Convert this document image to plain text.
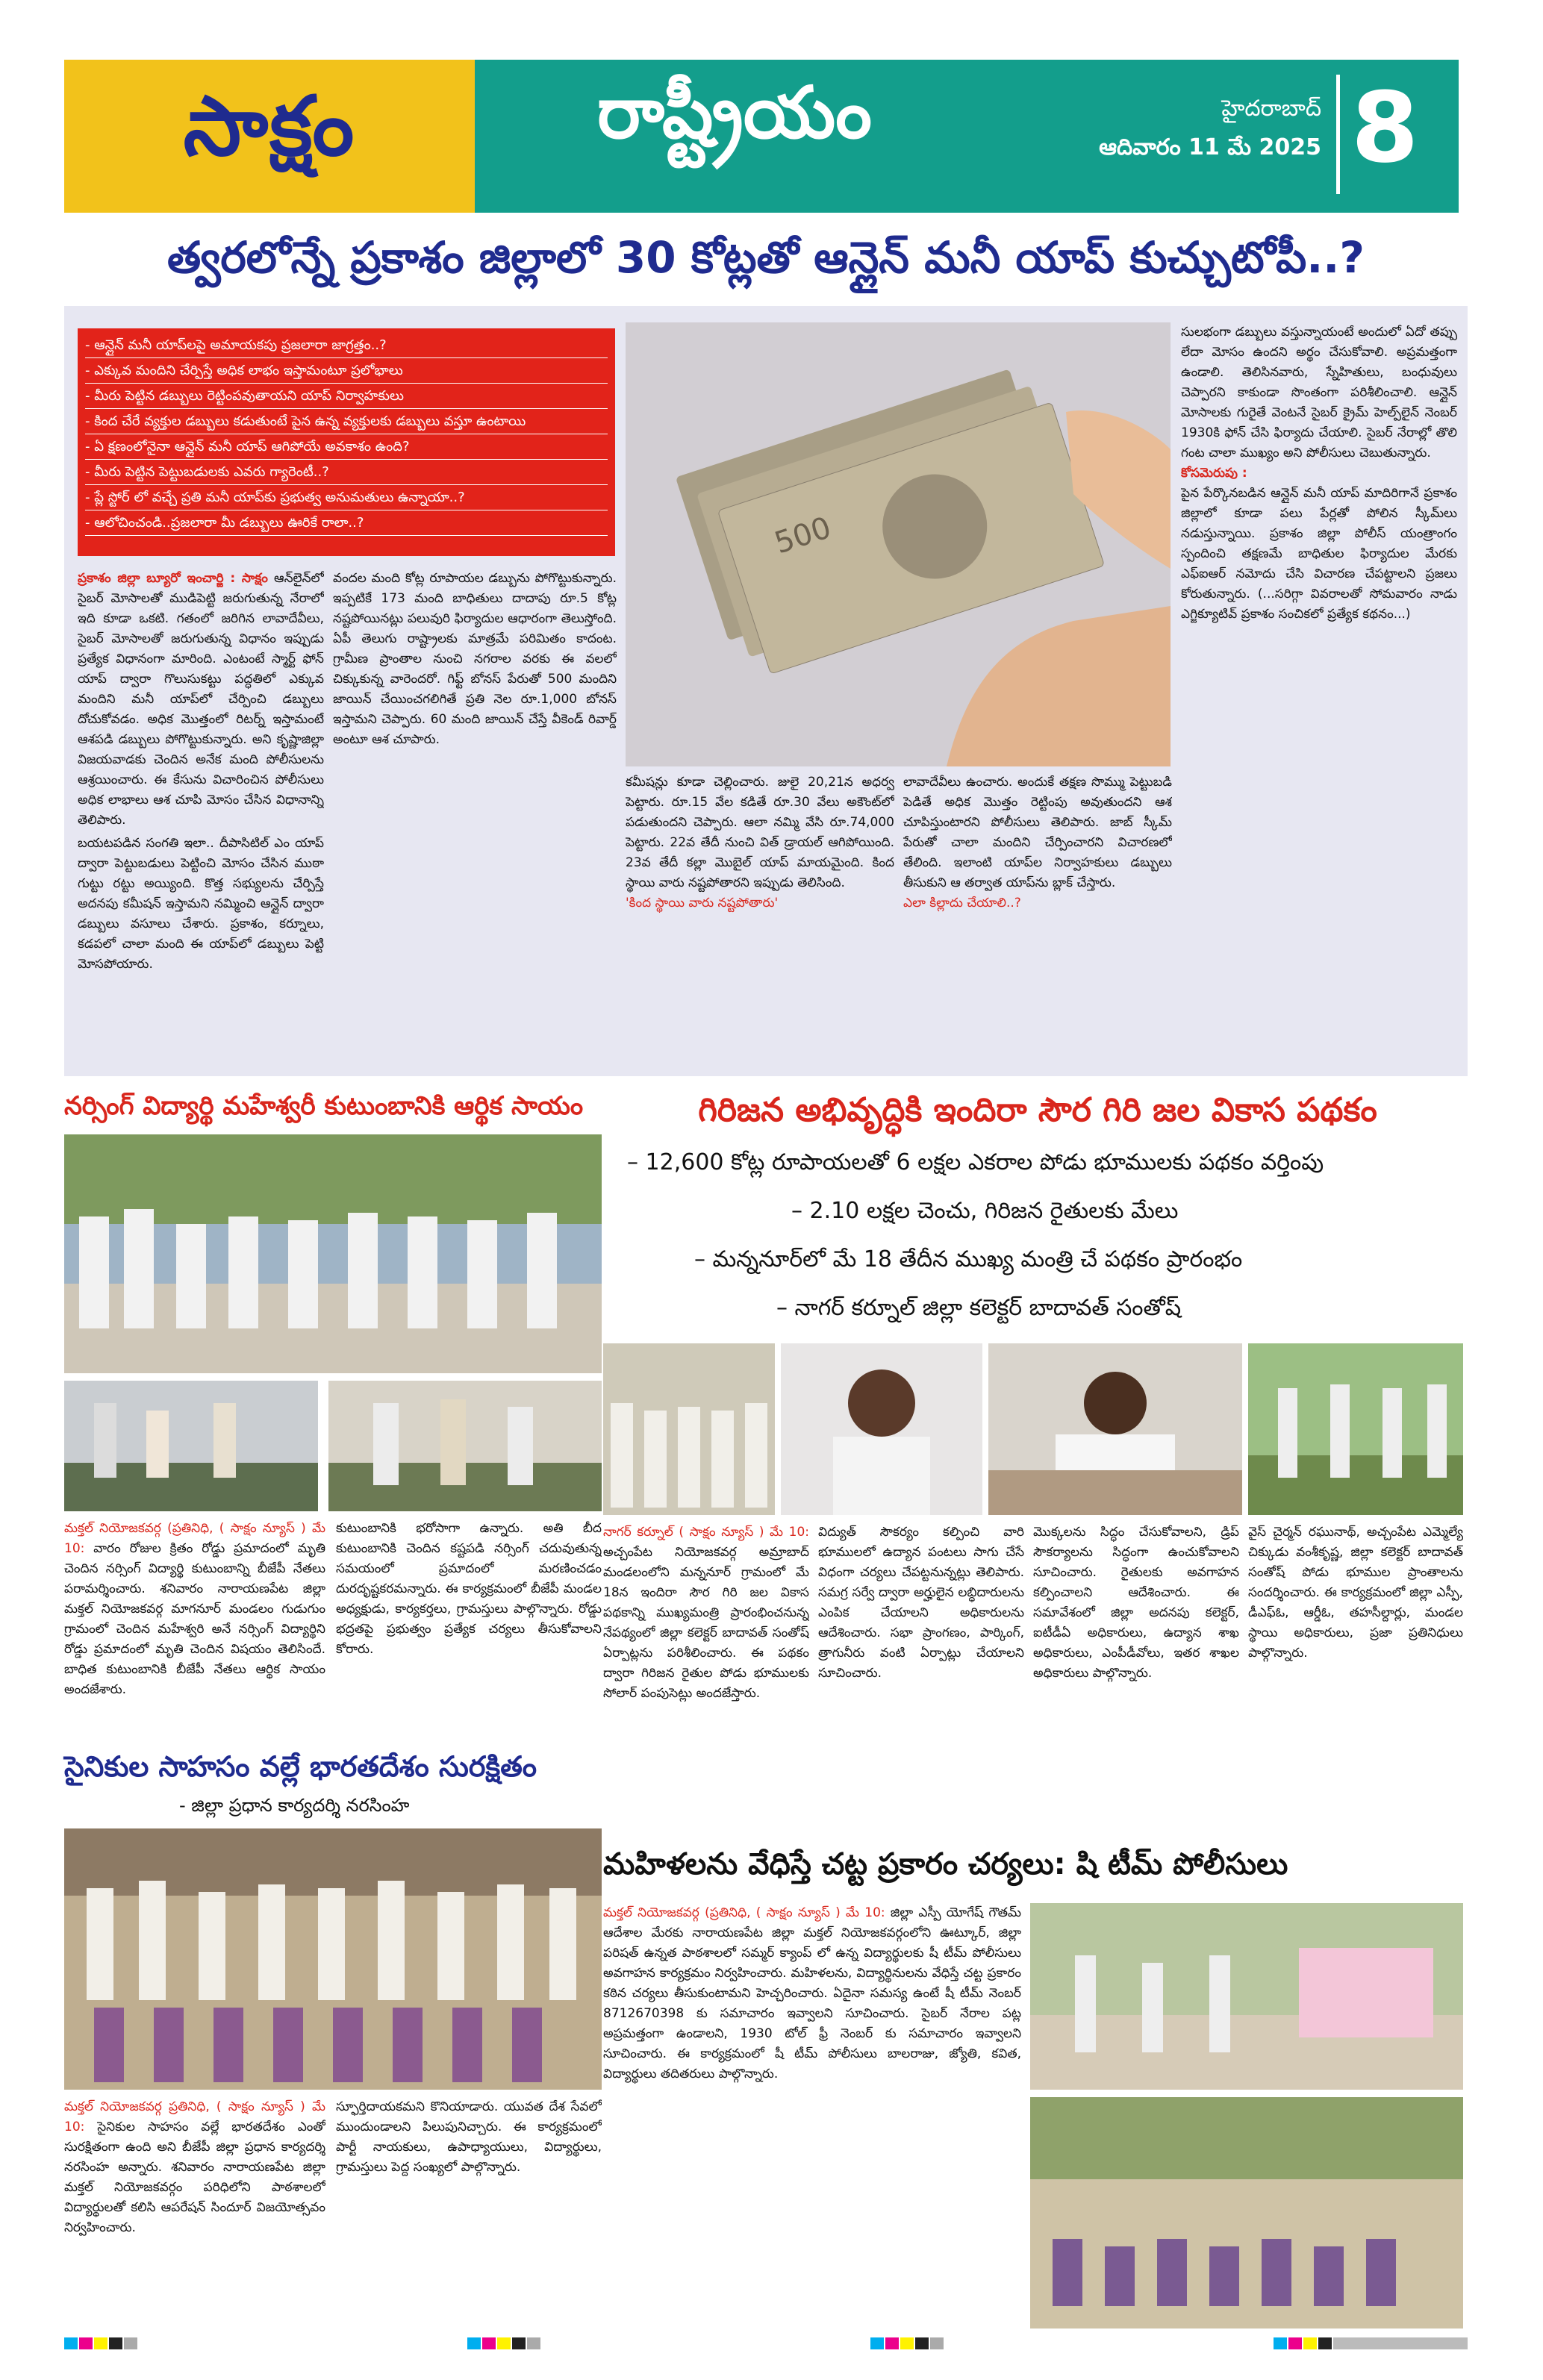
సాక్షం	రాష్ట్రీయం	హైదరాబాద్
ఆదివారం 11 మే 2025 8
త్వరలోన్నే ప్రకాశం జిల్లాలో 30 కోట్లతో ఆన్లైన్ మనీ యాప్ కుచ్చుటోపీ..?
- ఆన్లైన్ మనీ యాప్‌లపై అమాయకపు ప్రజలారా జాగ్రత్తం..?
- ఎక్కువ మందిని చేర్పిస్తే అధిక లాభం ఇస్తామంటూ ప్రలోభాలు
- మీరు పెట్టిన డబ్బులు రెట్టింపవుతాయని యాప్ నిర్వాహకులు
- కింద చేరే వ్యక్తుల డబ్బులు కడుతుంటే పైన ఉన్న వ్యక్తులకు డబ్బులు వస్తూ ఉంటాయి
- ఏ క్షణంలోనైనా ఆన్లైన్ మనీ యాప్ ఆగిపోయే అవకాశం ఉంది?
- మీరు పెట్టిన పెట్టుబడులకు ఎవరు గ్యారెంటీ..?
- ప్లే స్టోర్ లో వచ్చే ప్రతి మనీ యాప్‌కు ప్రభుత్వ అనుమతులు ఉన్నాయా..?
- ఆలోచించండి..ప్రజలారా మీ డబ్బులు ఊరికే రాలా..?	500
ప్రకాశం జిల్లా బ్యూరో ఇంచార్జి : సాక్షం ఆన్‌లైన్‌లో సైబర్ మోసాలతో ముడిపెట్టి జరుగుతున్న నేరాలో ఇది కూడా ఒకటి. గతంలో జరిగిన లావాదేవీలు, సైబర్ మోసాలతో జరుగుతున్న విధానం ఇప్పుడు ప్రత్యేక విధానంగా మారింది. ఎంటంటే స్మార్ట్ ఫోన్ యాప్ ద్వారా గొలుసుకట్టు పద్ధతిలో ఎక్కువ మందిని మనీ యాప్‌లో చేర్పించి డబ్బులు దోచుకోవడం. అధిక మొత్తంలో రిటర్న్ ఇస్తామంటే ఆశపడి డబ్బులు పోగొట్టుకున్నారు. అని కృష్ణాజిల్లా విజయవాడకు చెందిన అనేక మంది పోలీసులను ఆశ్రయించారు. ఈ కేసును విచారించిన పోలీసులు అధిక లాభాలు ఆశ చూపి మోసం చేసిన విధానాన్ని తెలిపారు.

బయటపడిన సంగతి ఇలా.. దీపాసిటిల్ ఎం యాప్ ద్వారా పెట్టుబడులు పెట్టించి మోసం చేసిన ముఠా గుట్టు రట్టు అయ్యింది. కొత్త సభ్యులను చేర్పిస్తే అదనపు కమీషన్ ఇస్తామని నమ్మించి ఆన్లైన్ ద్వారా డబ్బులు వసూలు చేశారు. ప్రకాశం, కర్నూలు, కడపలో చాలా మంది ఈ యాప్‌లో డబ్బులు పెట్టి మోసపోయారు.

వందల మంది కోట్ల రూపాయల డబ్బును పోగొట్టుకున్నారు. ఇప్పటికే 173 మంది బాధితులు దాదాపు రూ.5 కోట్ల నష్టపోయినట్లు పలువురి ఫిర్యాదుల ఆధారంగా తెలుస్తోంది. ఏపీ తెలుగు రాష్ట్రాలకు మాత్రమే పరిమితం కాదంట. గ్రామీణ ప్రాంతాల నుంచి నగరాల వరకు ఈ వలలో చిక్కుకున్న వారెందరో. గిఫ్ట్ బోనస్ పేరుతో 500 మందిని జాయిన్ చేయించగలిగితే ప్రతి నెల రూ.1,000 బోనస్ ఇస్తామని చెప్పారు. 60 మంది జాయిన్ చేస్తే వీకెండ్ రివార్డ్ అంటూ ఆశ చూపారు.
కమీషన్లు కూడా చెల్లించారు. జులై 20,21న అధర్వ పెట్టారు. రూ.15 వేల కడితే రూ.30 వేలు అకౌంట్‌లో పడుతుందని చెప్పారు. ఆలా నమ్మి వేసి రూ.74,000 పెట్టారు. 22వ తేదీ నుంచి విత్ డ్రాయల్ ఆగిపోయింది. 23వ తేదీ కల్లా మొబైల్ యాప్ మాయమైంది. కింద స్థాయి వారు నష్టపోతారని ఇప్పుడు తెలిసింది.
'కింద స్థాయి వారు నష్టపోతారు'
లావాదేవీలు ఉంచారు. అందుకే తక్షణ సొమ్ము పెట్టుబడి పెడితే అధిక మొత్తం రెట్టింపు అవుతుందని ఆశ చూపిస్తుంటారని పోలీసులు తెలిపారు. జాబ్ స్కీమ్ పేరుతో చాలా మందిని చేర్పించారని విచారణలో తేలింది. ఇలాంటి యాప్‌ల నిర్వాహకులు డబ్బులు తీసుకుని ఆ తర్వాత యాప్‌ను బ్లాక్ చేస్తారు.
ఎలా కిల్లాదు చేయాలి..?
సులభంగా డబ్బులు వస్తున్నాయంటే అందులో ఏదో తప్పు లేదా మోసం ఉందని అర్థం చేసుకోవాలి. అప్రమత్తంగా ఉండాలి. తెలిసినవారు, స్నేహితులు, బంధువులు చెప్పారని కాకుండా సొంతంగా పరిశీలించాలి. ఆన్లైన్ మోసాలకు గురైతే వెంటనే సైబర్ క్రైమ్ హెల్ప్‌లైన్ నెంబర్ 1930కి ఫోన్ చేసి ఫిర్యాదు చేయాలి. సైబర్ నేరాల్లో తొలి గంట చాలా ముఖ్యం అని పోలీసులు చెబుతున్నారు.
కోసమెరుపు :
పైన పేర్కొనబడిన ఆన్లైన్ మనీ యాప్ మాదిరిగానే ప్రకాశం జిల్లాలో కూడా పలు పేర్లతో పోలిన స్కీమ్‌లు నడుస్తున్నాయి. ప్రకాశం జిల్లా పోలీస్ యంత్రాంగం స్పందించి తక్షణమే బాధితుల ఫిర్యాదుల మేరకు ఎఫ్ఐఆర్ నమోదు చేసి విచారణ చేపట్టాలని ప్రజలు కోరుతున్నారు. (...సరిగ్గా వివరాలతో సోమవారం నాడు ఎగ్జిక్యూటివ్ ప్రకాశం సంచికలో ప్రత్యేక కథనం...)
నర్సింగ్ విద్యార్థి మహేశ్వరీ కుటుంబానికి ఆర్థిక సాయం
మక్తల్ నియోజకవర్గ (ప్రతినిధి, ( సాక్షం న్యూస్ ) మే 10: వారం రోజుల క్రితం రోడ్డు ప్రమాదంలో మృతి చెందిన నర్సింగ్ విద్యార్థి కుటుంబాన్ని బీజేపీ నేతలు పరామర్శించారు. శనివారం నారాయణపేట జిల్లా మక్తల్ నియోజకవర్గ మాగనూర్ మండలం గుడుగుం గ్రామంలో చెందిన మహేశ్వరి అనే నర్సింగ్ విద్యార్థిని రోడ్డు ప్రమాదంలో మృతి చెందిన విషయం తెలిసిందే. బాధిత కుటుంబానికి బీజేపీ నేతలు ఆర్థిక సాయం అందజేశారు.
కుటుంబానికి భరోసాగా ఉన్నారు. అతి బీద కుటుంబానికి చెందిన కష్టపడి నర్సింగ్ చదువుతున్న సమయంలో ప్రమాదంలో మరణించడం దురదృష్టకరమన్నారు. ఈ కార్యక్రమంలో బీజేపీ మండల అధ్యక్షుడు, కార్యకర్తలు, గ్రామస్తులు పాల్గొన్నారు. రోడ్డు భద్రతపై ప్రభుత్వం ప్రత్యేక చర్యలు తీసుకోవాలని కోరారు.
సైనికుల సాహసం వల్లే భారతదేశం సురక్షితం
- జిల్లా ప్రధాన కార్యదర్శి నరసింహ
మక్తల్ నియోజకవర్గ ప్రతినిధి, ( సాక్షం న్యూస్ ) మే 10: సైనికుల సాహసం వల్లే భారతదేశం ఎంతో సురక్షితంగా ఉంది అని బీజేపీ జిల్లా ప్రధాన కార్యదర్శి నరసింహ అన్నారు. శనివారం నారాయణపేట జిల్లా మక్తల్ నియోజకవర్గం పరిధిలోని పాఠశాలలో విద్యార్థులతో కలిసి ఆపరేషన్ సిందూర్ విజయోత్సవం నిర్వహించారు.
స్ఫూర్తిదాయకమని కొనియాడారు. యువత దేశ సేవలో ముందుండాలని పిలుపునిచ్చారు. ఈ కార్యక్రమంలో పార్టీ నాయకులు, ఉపాధ్యాయులు, విద్యార్థులు, గ్రామస్తులు పెద్ద సంఖ్యలో పాల్గొన్నారు.
గిరిజన అభివృద్ధికి ఇందిరా సౌర గిరి జల వికాస పథకం
– 12,600 కోట్ల రూపాయలతో 6 లక్షల ఎకరాల పోడు భూములకు పథకం వర్తింపు
– 2.10 లక్షల చెంచు, గిరిజన రైతులకు మేలు
– మన్ననూర్‌లో మే 18 తేదీన ముఖ్య మంత్రి చే పథకం ప్రారంభం
– నాగర్ కర్నూల్ జిల్లా కలెక్టర్ బాదావత్ సంతోష్
నాగర్ కర్నూల్ ( సాక్షం న్యూస్ ) మే 10: అచ్చంపేట నియోజకవర్గ అమ్రాబాద్ మండలంలోని మన్ననూర్ గ్రామంలో మే 18న ఇందిరా సౌర గిరి జల వికాస పథకాన్ని ముఖ్యమంత్రి ప్రారంభించనున్న నేపథ్యంలో జిల్లా కలెక్టర్ బాదావత్ సంతోష్ ఏర్పాట్లను పరిశీలించారు. ఈ పథకం ద్వారా గిరిజన రైతుల పోడు భూములకు సోలార్ పంపుసెట్లు అందజేస్తారు.
విద్యుత్ సౌకర్యం కల్పించి వారి భూములలో ఉద్యాన పంటలు సాగు చేసే విధంగా చర్యలు చేపట్టనున్నట్లు తెలిపారు. సమగ్ర సర్వే ద్వారా అర్హులైన లబ్ధిదారులను ఎంపిక చేయాలని అధికారులను ఆదేశించారు. సభా ప్రాంగణం, పార్కింగ్, త్రాగునీరు వంటి ఏర్పాట్లు చేయాలని సూచించారు.
మొక్కలను సిద్ధం చేసుకోవాలని, డ్రిప్ సౌకర్యాలను సిద్ధంగా ఉంచుకోవాలని సూచించారు. రైతులకు అవగాహన కల్పించాలని ఆదేశించారు. ఈ సమావేశంలో జిల్లా అదనపు కలెక్టర్, ఐటీడీఏ అధికారులు, ఉద్యాన శాఖ అధికారులు, ఎంపీడీవోలు, ఇతర శాఖల అధికారులు పాల్గొన్నారు.
వైస్ చైర్మన్ రఘునాథ్, అచ్చంపేట ఎమ్మెల్యే చిక్కుడు వంశీకృష్ణ, జిల్లా కలెక్టర్ బాదావత్ సంతోష్ పోడు భూముల ప్రాంతాలను సందర్శించారు. ఈ కార్యక్రమంలో జిల్లా ఎస్పీ, డీఎఫ్ఓ, ఆర్డీఓ, తహసీల్దార్లు, మండల స్థాయి అధికారులు, ప్రజా ప్రతినిధులు పాల్గొన్నారు.
మహిళలను వేధిస్తే చట్ట ప్రకారం చర్యలు: షి టీమ్ పోలీసులు
మక్తల్ నియోజకవర్గ (ప్రతినిధి, ( సాక్షం న్యూస్ ) మే 10: జిల్లా ఎస్పీ యోగేష్ గౌతమ్ ఆదేశాల మేరకు నారాయణపేట జిల్లా మక్తల్ నియోజకవర్గంలోని ఊట్కూర్, జిల్లా పరిషత్ ఉన్నత పాఠశాలలో సమ్మర్ క్యాంప్ లో ఉన్న విద్యార్థులకు షీ టీమ్ పోలీసులు అవగాహన కార్యక్రమం నిర్వహించారు. మహిళలను, విద్యార్థినులను వేధిస్తే చట్ట ప్రకారం కఠిన చర్యలు తీసుకుంటామని హెచ్చరించారు. ఏదైనా సమస్య ఉంటే షీ టీమ్ నెంబర్ 8712670398 కు సమాచారం ఇవ్వాలని సూచించారు. సైబర్ నేరాల పట్ల అప్రమత్తంగా ఉండాలని, 1930 టోల్ ఫ్రీ నెంబర్ కు సమాచారం ఇవ్వాలని సూచించారు. ఈ కార్యక్రమంలో షీ టీమ్ పోలీసులు బాలరాజు, జ్యోతి, కవిత, విద్యార్థులు తదితరులు పాల్గొన్నారు.
